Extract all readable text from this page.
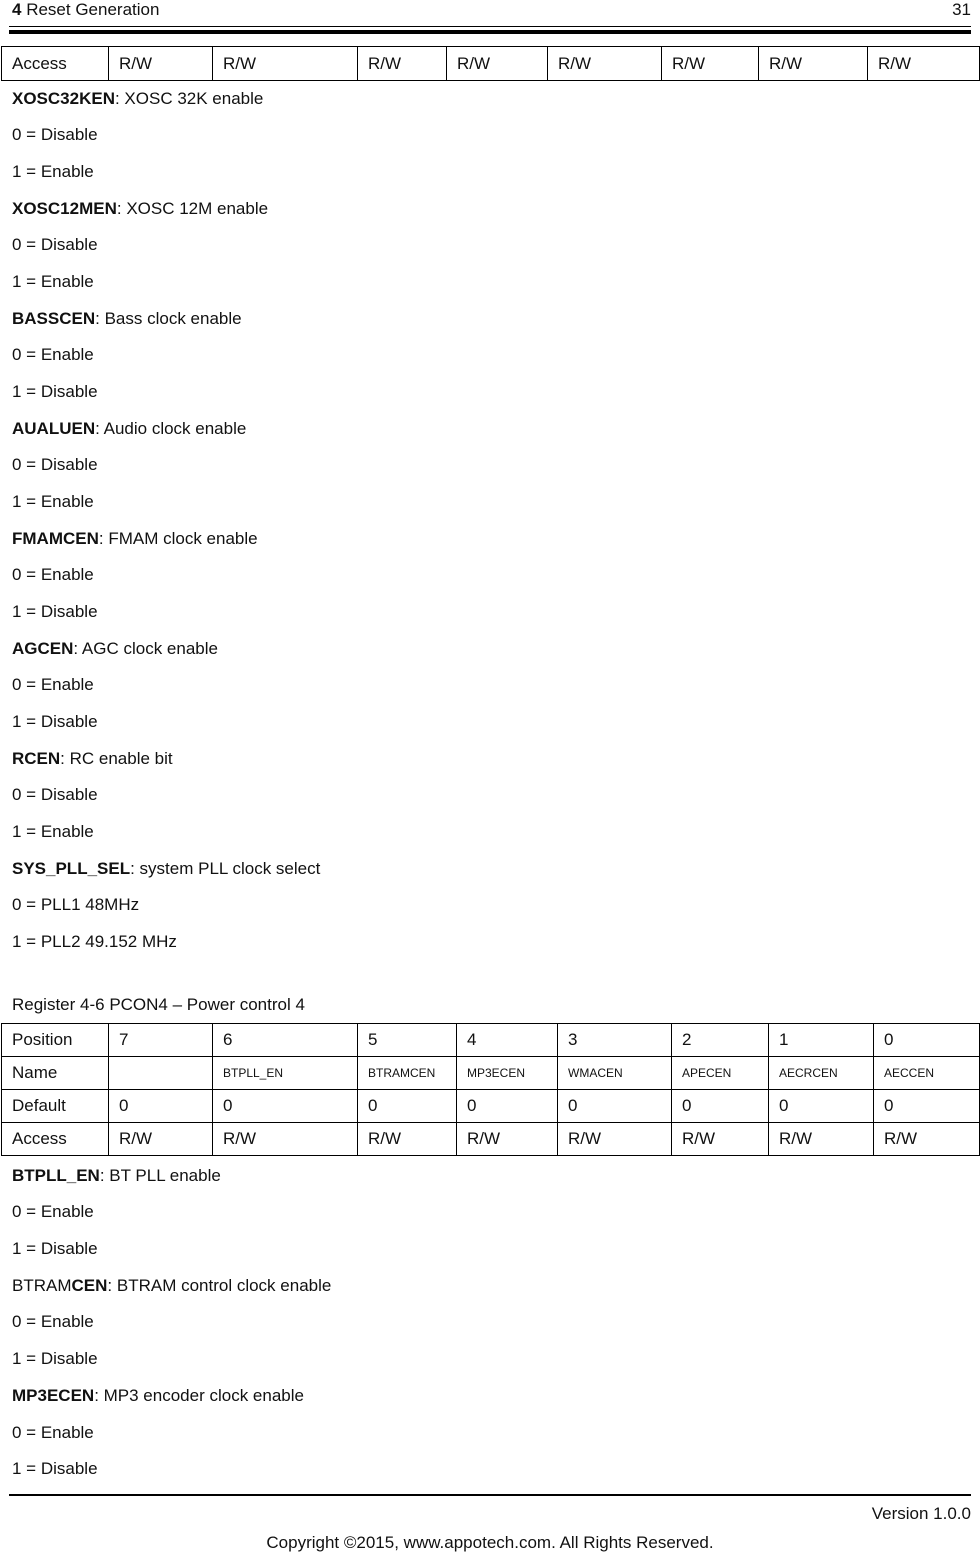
4 Reset Generation	31
Access	R/W	R/W	R/W	R/W	R/W	R/W	R/W	R/W
XOSC32KEN: XOSC 32K enable
0 = Disable
1 = Enable
XOSC12MEN: XOSC 12M enable
0 = Disable
1 = Enable
BASSCEN: Bass clock enable
0 = Enable
1 = Disable
AUALUEN: Audio clock enable
0 = Disable
1 = Enable
FMAMCEN: FMAM clock enable
0 = Enable
1 = Disable
AGCEN: AGC clock enable
0 = Enable
1 = Disable
RCEN: RC enable bit
0 = Disable
1 = Enable
SYS_PLL_SEL: system PLL clock select
0 = PLL1 48MHz
1 = PLL2 49.152 MHz
Register 4-6 PCON4 – Power control 4
Position	7	6	5	4	3	2	1	0
Name		BTPLL_EN	BTRAMCEN	MP3ECEN	WMACEN	APECEN	AECRCEN	AECCEN
Default	0	0	0	0	0	0	0	0
Access	R/W	R/W	R/W	R/W	R/W	R/W	R/W	R/W
BTPLL_EN: BT PLL enable
0 = Enable
1 = Disable
BTRAMCEN: BTRAM control clock enable
0 = Enable
1 = Disable
MP3ECEN: MP3 encoder clock enable
0 = Enable
1 = Disable
Version 1.0.0
Copyright ©2015, www.appotech.com. All Rights Reserved.
